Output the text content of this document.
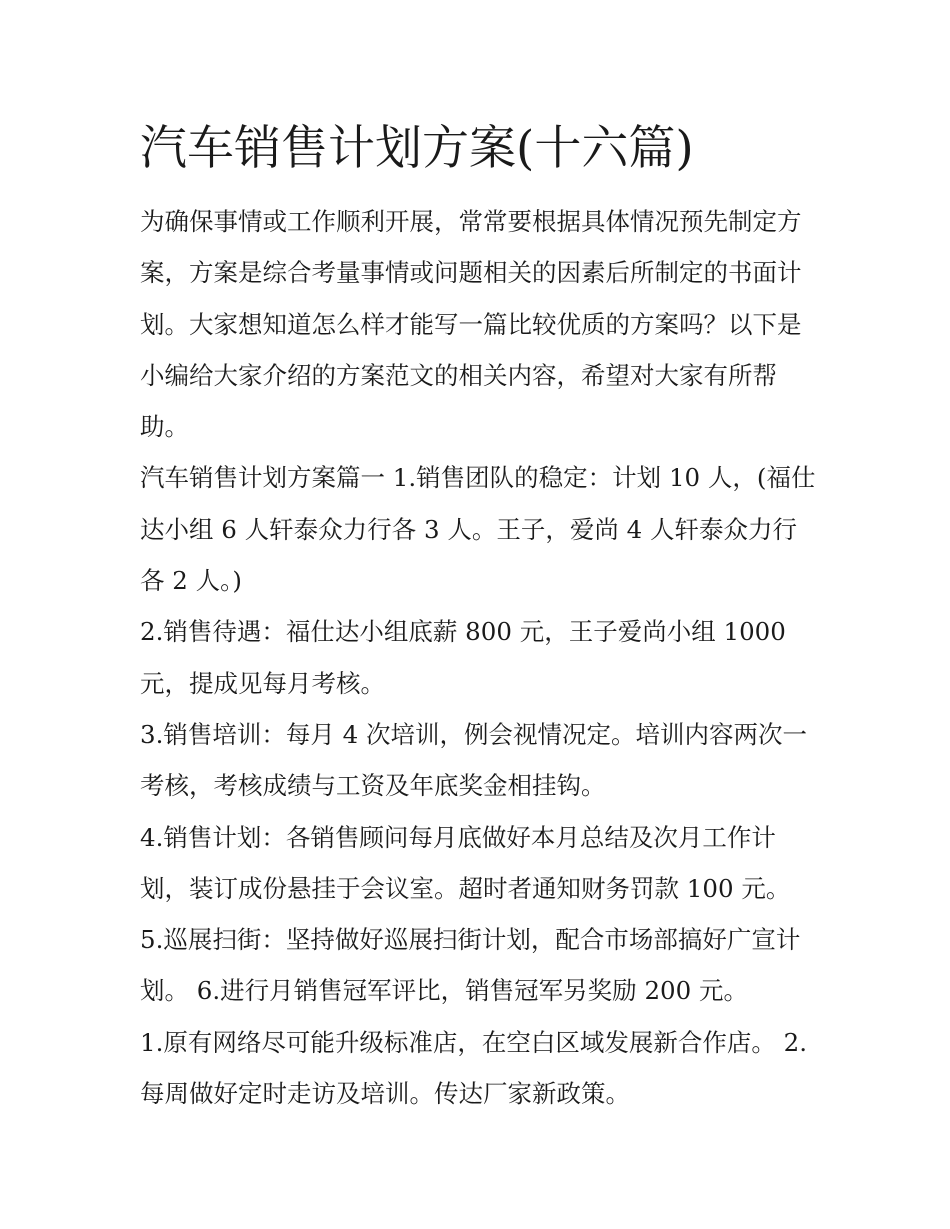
汽车销售计划方案(十六篇)

为确保事情或工作顺利开展，常常要根据具体情况预先制定方案，方案是综合考量事情或问题相关的因素后所制定的书面计划。大家想知道怎么样才能写一篇比较优质的方案吗？以下是小编给大家介绍的方案范文的相关内容，希望对大家有所帮助。

汽车销售计划方案篇一 1.销售团队的稳定：计划 10 人，(福仕达小组 6 人轩泰众力行各 3 人。王子，爱尚 4 人轩泰众力行各 2 人。)

2.销售待遇：福仕达小组底薪 800 元，王子爱尚小组 1000 元，提成见每月考核。

3.销售培训：每月 4 次培训，例会视情况定。培训内容两次一考核，考核成绩与工资及年底奖金相挂钩。

4.销售计划：各销售顾问每月底做好本月总结及次月工作计划，装订成份悬挂于会议室。超时者通知财务罚款 100 元。

5.巡展扫街：坚持做好巡展扫街计划，配合市场部搞好广宣计划。 6.进行月销售冠军评比，销售冠军另奖励 200 元。

1.原有网络尽可能升级标准店，在空白区域发展新合作店。 2.每周做好定时走访及培训。传达厂家新政策。
